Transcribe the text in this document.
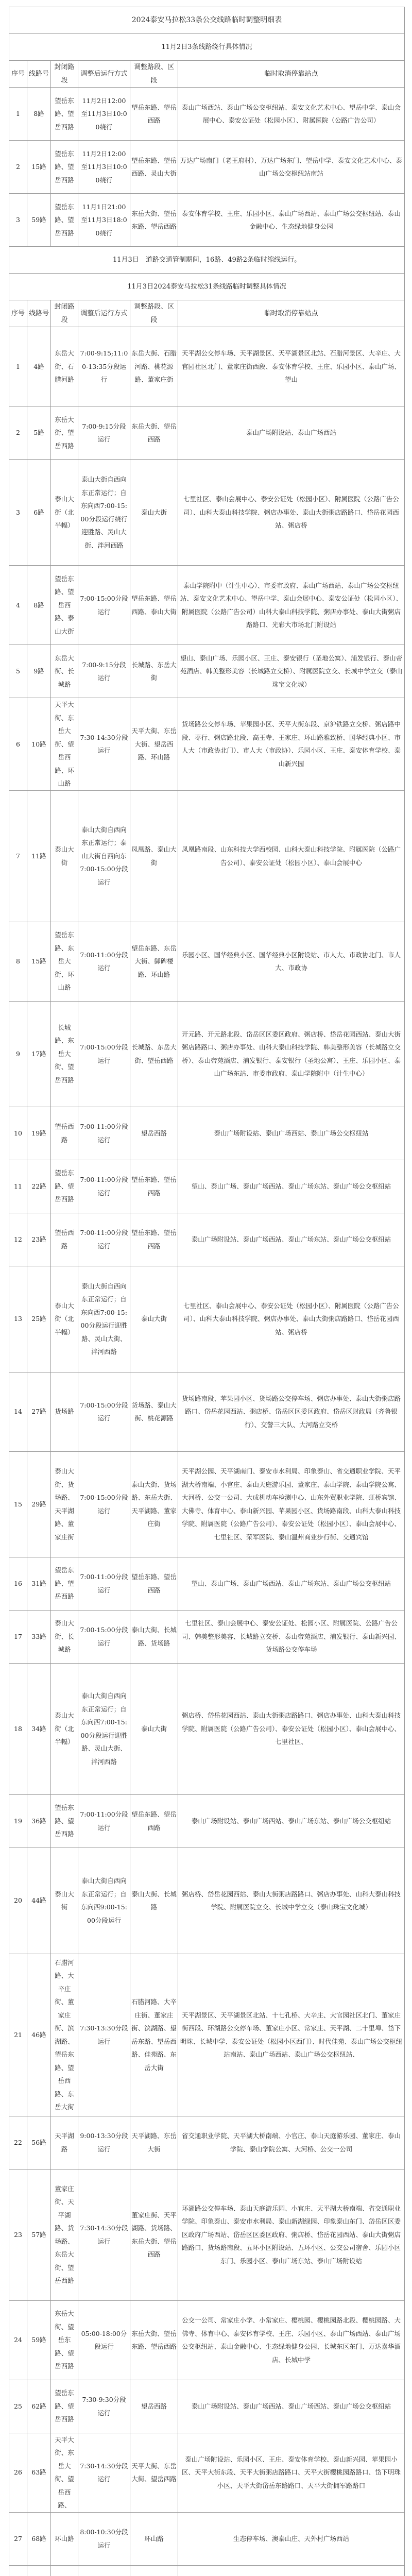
2024泰安马拉松33条公交线路临时调整明细表					
11月2日3条线路绕行具体情况					
序号	线路号	封闭路段	调整后运行方式	调整路段、区段	临时取消停靠站点
1	8路	望岳东路、望岳西路	11月2日12:00至11月3日10:00绕行	望岳东路、望岳西路	泰山广场西站、泰山广场公交枢纽站、泰安文化艺术中心、望岳中学、泰山会展中心、泰安公证处（松园小区）、附属医院（公路广告公司）
2	15路	望岳东路、望岳西路	11月2日12:00至11月3日10:00绕行	望岳东路、望岳西路、灵山大街	万达广场南门（老王府村）、万达广场东门、望岳中学、泰安文化艺术中心、泰山广场公交枢纽站南站
3	59路	望岳东路、望岳西路	11月1日21:00至11月3日18:00绕行	东岳大街、望岳东路、望岳西路	泰安体育学校、王庄、乐园小区、泰山广场西站、泰山广场公交枢纽站、泰山金融中心、生态绿地健身公园
11月3日　道路交通管制期间，16路、49路2条临时缩线运行。					
11月3日2024泰安马拉松31条线路临时调整具体情况					
序号	线路号	封闭路段	调整后运行方式	调整路段、区段	临时取消停靠站点
1	4路	东岳大街、石腊河路	7:00-9:15;11:00-13:35分段运行	东岳大街、石腊河路、桃花源路、董家庄街	天平湖公交停车场、天平湖景区、天平湖景区北站、石腊河景区、大辛庄、大官园社区北门、董家庄街西段、泰安体育学校、王庄、乐园小区、泰山广场、望山
2	5路	东岳大街、望岳西路	7:00-9:15分段运行	东岳大街、望岳西路	泰山广场附设站、泰山广场西站
3	6路	泰山大街（北半幅）	泰山大街自西向东正常运行；自东向西7:00-15:00分段运行绕行迎胜路、灵山大街、泮河西路	泰山大街	七里社区、泰山会展中心、泰安公证处（松园小区）、附属医院（公路广告公司）、山科大泰山科技学院、粥店办事处、泰山大街粥店路路口、岱岳花园西站、粥店桥
4	8路	望岳东路、望岳西路、泰山大街	7:00-15:00分段运行	望岳东路、望岳西路、泰山大街	泰山学院附中（计生中心）、市委市政府、泰山广场西站、泰山广场公交枢纽站、泰安文化艺术中心、望岳中学、泰山会展中心、泰安公证处（松园小区）、附属医院（公路广告公司）山科大泰山科技学院、粥店办事处、泰山大街粥店路路口、光彩大市场北门附设站
5	9路	东岳大街、长城路	7:00-9:15分段运行	长城路、东岳大街	望山、泰山广场、乐园小区、王庄、泰安银行（圣地公寓）、浦发银行、泰山帝苑酒店、韩美整形美容（长城路立交桥）、附属医院立交、长城中学立交（泰山珠宝文化城）
6	10路	天平大街、东岳大街、望岳西路、环山路	7:30-14:30分段运行	天平大街、东岳大街、望岳西路、环山路	货场路公交停车场、苹果园小区、天平大街东段、京沪铁路立交桥、粥店路中段、枣行、粥店路北段、高王寺、王家庄、环山路雅致桥、国华经典小区、市人大（市政协北门）、市人大（市政协）、乐园小区、王庄、泰安体育学校、泰山新兴园
7	11路	泰山大街	泰山大街自西向东正常运行；泰山大街自西向东7:00-15:00分段运行	凤凰路、泰山大街	凤凰路南段、山东科技大学西校园、山科大泰山科技学院、附属医院（公路广告公司）、泰安公证处（松园小区）、泰山会展中心
8	15路	望岳东路、东岳大街、环山路	7:00-11:00分段运行	望岳东路、东岳大街、御碑楼路、环山路	乐园小区、国华经典小区、国华经典小区附设站、市人大、市政协北门、市人大、市政协
9	17路	长城路、东岳大街、望岳西路	7:00-15:00分段运行	长城路、东岳大街、望岳西路	开元路、开元路北段、岱岳区区委区政府、粥店桥、岱岳花园西站、泰山大街粥店路路口、粥店办事处、山科大泰山科技学院、韩美整形美容（长城路立交桥）、泰山帝苑酒店、浦发银行、泰安银行（圣地公寓）、王庄、乐园小区、泰山广场东站、市委市政府、泰山学院附中（计生中心）
10	19路	望岳西路	7:00-11:00分段运行	望岳西路	泰山广场附设站、泰山广场西站、泰山广场公交枢纽站
11	22路	望岳东路、望岳西路	7:00-11:00分段运行	望岳东路、望岳西路	望山、泰山广场、泰山广场西站、泰山广场东站、泰山广场公交枢纽站
12	23路	望岳西路	7:00-11:00分段运行	望岳东路、望岳西路	泰山广场附设站、泰山广场西站、泰山广场东站、泰山广场公交枢纽站
13	25路	泰山大街（北半幅）	泰山大街自西向东正常运行；自东向西7:00-15:00分段运行迎胜路、灵山大街、泮河西路	泰山大街	七里社区、泰山会展中心、泰安公证处（松园小区）、附属医院（公路广告公司）、山科大泰山科技学院、粥店办事处、泰山大街粥店路路口、岱岳花园西站、粥店桥
14	27路	货场路	7:00-15:00分段运行	货场路、泰山大街、桃花源路	货场路南段、苹果园小区、货场路公交停车场、粥店办事处、泰山大街粥店路路口、岱岳花园西站、粥店桥、岱岳区区委区政府、岱岳区财政局（齐鲁银行）、交警三大队、大河路立交桥
15	29路	泰山大街、货场路、天平湖路、董家庄街	7:00-15:00分段运行	泰山大街、货场路、东岳大街、天平湖路、董家庄街	天平湖公园、天平湖南门、泰安市水利局、印象泰山、省交通职业学院、天平湖大桥南端、小官庄、泰山天庭游乐园、董家庄、泰山学院、泰山学院公寓、大河桥、公交一公司、大成机动车检测中心、山东外贸职业学院、虹桥宾馆、大佛寺、体育中心、泰山新兴园、苹果园小区、货场路南段、山科大泰山科技学院、附属医院（公路广告公司）、泰安公证处（松园小区）、泰山会展中心、七里社区、荣军医院、泰山温州商业步行街、交通宾馆
16	31路	望岳东路、望岳西路	7:00-11:00分段运行	望岳东路、望岳西路	望山、泰山广场、泰山广场西站、泰山广场东站、泰山广场公交枢纽站
17	33路	泰山大街、长城路	7:00-15:00分段运行	泰山大街、长城路、货场路	七里社区、泰山会展中心、泰安公证处、松园小区、附属医院、公路广告公司、韩美整形美容、长城路立交桥、泰山帝苑酒店、浦发银行、泰山新兴园、货场路公交停车场
18	34路	泰山大街（北半幅）	泰山大街自西向东正常运行；自东向西7:00-15:00分段运行迎胜路、灵山大街、泮河西路	泰山大街	粥店桥、岱岳花园西站、泰山大街粥店路路口、粥店办事处、山科大泰山科技学院、附属医院（公路广告公司）、泰安公证处（松园小区）、泰山会展中心、七里社区、
19	36路	望岳东路、望岳西路	7:00-11:00分段运行	望岳东路、望岳西路	泰山广场附设站、泰山广场西站、泰山广场东站、泰山广场公交枢纽站
20	44路	泰山大街	泰山大街自西向东正常运行；自东向西9:00-15:00分段运行	泰山大街、长城路	粥店桥、岱岳花园西站、泰山大街粥店路路口、粥店办事处、山科大泰山科技学院、附属医院立交、长城中学立交（泰山珠宝文化城）
21	46路	石腊河路、大辛庄街、董家庄街、滨湖路、望岳东路、望岳西路、东岳大街	7:30-13:30分段运行	石腊河路、大辛庄街、董家庄街、滨湖路、望岳东路、望岳西路、佳苑路、东岳大街	天平湖景区、天平湖景区北站、十七孔桥、大辛庄、大官园社区北门、董家庄街西段、环湖路公交停车场、董家庄小区、常家庄、天平湖、二十里埠、岱下明珠、长城中学、泰安公证处（松园小区西门）、时代佳苑、泰山广场公交枢纽站南站、泰山广场西站、泰山广场公交枢纽站、
22	56路	天平湖路	9:00-13:30分段运行	天平湖路、东岳大街	省交通职业学院、天平湖大桥南端、小官庄、泰山天庭游乐园、董家庄、泰山学院、泰山学院公寓、大河桥、公交一公司
23	57路	董家庄街、天平湖路、货场路、东岳大街、望岳西路	7:30-14:30分段运行	董家庄街、天平湖路、货场路、东岳大街、望岳西路	环湖路公交停车场、泰山天庭游乐园、小官庄、天平湖大桥南端、省交通职业学院、印象泰山、泰安市水利局、泰山新湖绿园、印象泰山东门、岱岳区区委区政府广场西站、岱岳区区委区政府、粥店桥、岱岳花园西站、泰山大街粥店路路口、货场路南段、五环小区附设站、五环小区、公交公司宿舍、乐园小区东门、乐园小区、泰山广场东站、泰山广场附设站
24	59路	东岳大街、望岳东路、望岳西路	05:00-18:00分段运行	东岳大街、望岳东路、望岳西路	公交一公司、常家庄小学、小常家庄、樱桃园、樱桃园路北段、樱桃园路、大佛寺、体育中心、泰安体育学校、王庄、乐园小区、泰山广场西站、泰山广场公交枢纽站、泰山金融中心、生态绿地健身公园、长城东区东门、万达嘉华酒店、长城中学
25	62路	望岳东路、望岳西路	7:30-9:30分段运行	望岳西路	泰山广场附设站、泰山广场西站、泰山广场西站、泰山广场公交枢纽站
26	63路	天平大街、东岳大街、望岳西路、	7:30-14:30分段运行	天平大街、东岳大街、望岳西路	泰山广场附设站、乐园小区、王庄、泰安体育学校、泰山新兴园、苹果园小区、天平大街东段、天平大街粥店路路口、天平大街樱桃园路路口、岱下明珠小区、天平大街岱岳东路路口、天平大街拥军路路口
27	68路	环山路	8:00-10:30分段运行	环山路	生态停车场、澳泰山庄、天外村广场西站
